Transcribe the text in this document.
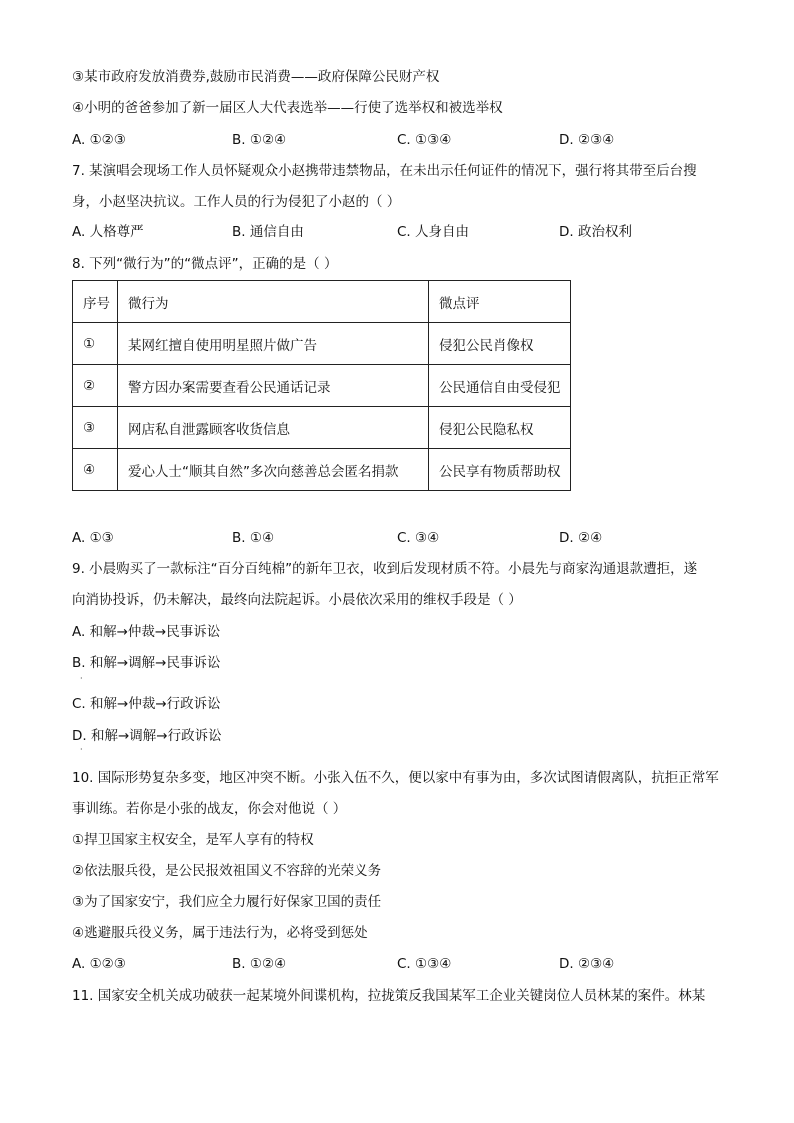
③某市政府发放消费券,鼓励市民消费——政府保障公民财产权
④小明的爸爸参加了新一届区人大代表选举——行使了选举权和被选举权
A. ①②③	B. ①②④	C. ①③④	D. ②③④
7. 某演唱会现场工作人员怀疑观众小赵携带违禁物品，在未出示任何证件的情况下，强行将其带至后台搜
身，小赵坚决抗议。工作人员的行为侵犯了小赵的（ ）
A. 人格尊严	B. 通信自由	C. 人身自由	D. 政治权利
8. 下列“微行为”的“微点评”，正确的是（ ）
序号	微行为	微点评
①	某网红擅自使用明星照片做广告	侵犯公民肖像权
②	警方因办案需要查看公民通话记录	公民通信自由受侵犯
③	网店私自泄露顾客收货信息	侵犯公民隐私权
④	爱心人士“顺其自然”多次向慈善总会匿名捐款	公民享有物质帮助权
A. ①③	B. ①④	C. ③④	D. ②④
9. 小晨购买了一款标注“百分百纯棉”的新年卫衣，收到后发现材质不符。小晨先与商家沟通退款遭拒，遂
向消协投诉，仍未解决，最终向法院起诉。小晨依次采用的维权手段是（ ）
A. 和解→仲裁→民事诉讼
B. 和解→调解→民事诉讼
·
C. 和解→仲裁→行政诉讼
D. 和解→调解→行政诉讼
·
10. 国际形势复杂多变，地区冲突不断。小张入伍不久，便以家中有事为由，多次试图请假离队，抗拒正常军
事训练。若你是小张的战友，你会对他说（ ）
①捍卫国家主权安全，是军人享有的特权
②依法服兵役，是公民报效祖国义不容辞的光荣义务
③为了国家安宁，我们应全力履行好保家卫国的责任
④逃避服兵役义务，属于违法行为，必将受到惩处
A. ①②③	B. ①②④	C. ①③④	D. ②③④
11. 国家安全机关成功破获一起某境外间谍机构，拉拢策反我国某军工企业关键岗位人员林某的案件。林某
